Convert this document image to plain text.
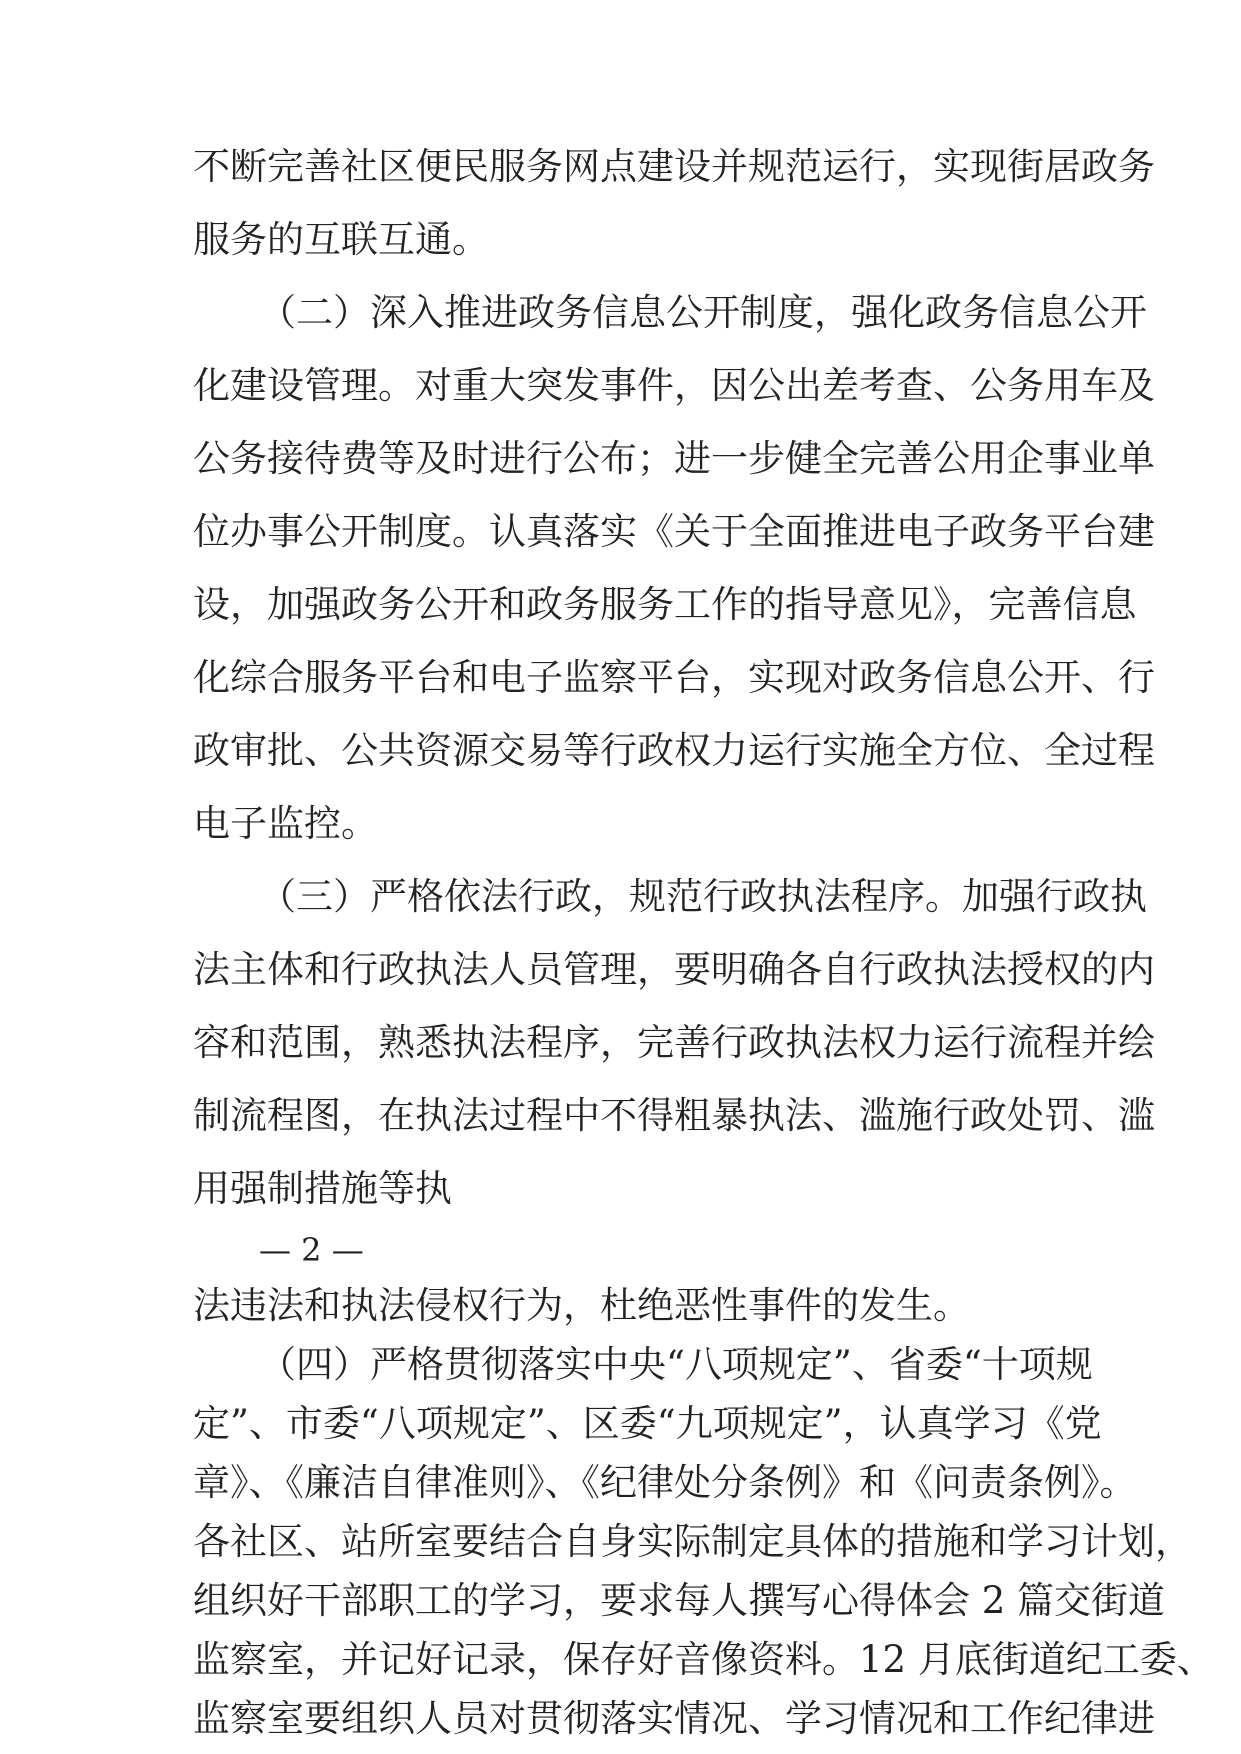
不断完善社区便民服务网点建设并规范运行，实现街居政务
服务的互联互通。
（二）深入推进政务信息公开制度，强化政务信息公开
化建设管理。对重大突发事件，因公出差考查、公务用车及
公务接待费等及时进行公布；进一步健全完善公用企事业单
位办事公开制度。认真落实《关于全面推进电子政务平台建
设，加强政务公开和政务服务工作的指导意见》，完善信息
化综合服务平台和电子监察平台，实现对政务信息公开、行
政审批、公共资源交易等行政权力运行实施全方位、全过程
电子监控。
（三）严格依法行政，规范行政执法程序。加强行政执
法主体和行政执法人员管理，要明确各自行政执法授权的内
容和范围，熟悉执法程序，完善行政执法权力运行流程并绘
制流程图，在执法过程中不得粗暴执法、滥施行政处罚、滥
用强制措施等执
— 2 —
法违法和执法侵权行为，杜绝恶性事件的发生。
（四）严格贯彻落实中央“八项规定”、省委“十项规
定”、市委“八项规定”、区委“九项规定”，认真学习《党
章》、《廉洁自律准则》、《纪律处分条例》和《问责条例》。
各社区、站所室要结合自身实际制定具体的措施和学习计划，
组织好干部职工的学习，要求每人撰写心得体会 2 篇交街道
监察室，并记好记录，保存好音像资料。12 月底街道纪工委、
监察室要组织人员对贯彻落实情况、学习情况和工作纪律进
